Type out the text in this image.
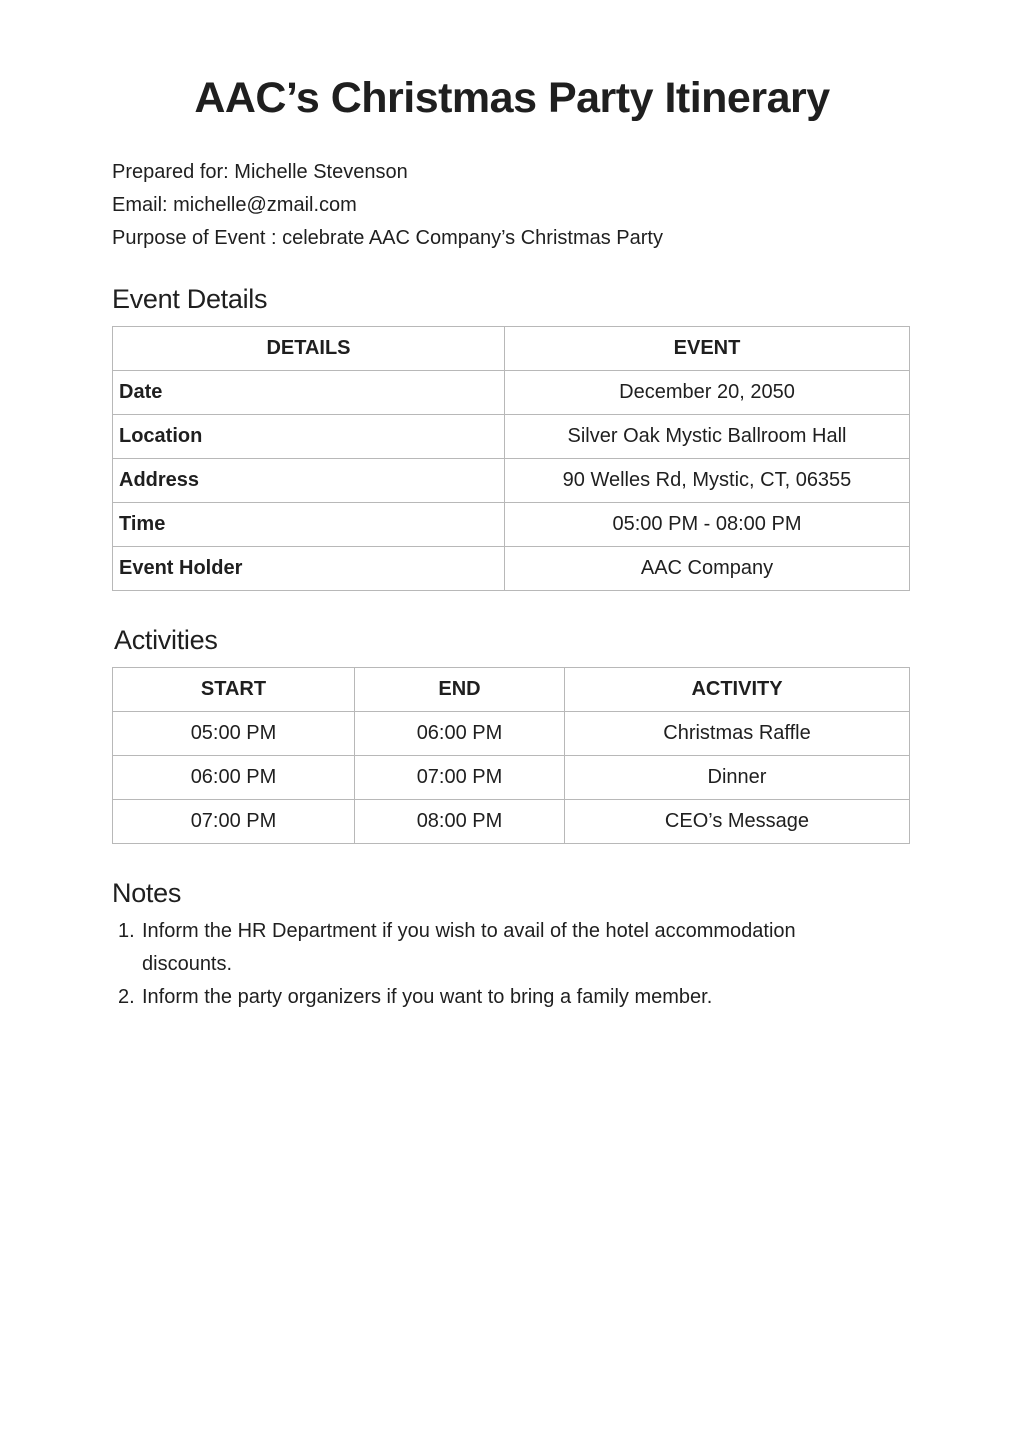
AAC’s Christmas Party Itinerary
Prepared for: Michelle Stevenson
Email: michelle@zmail.com
Purpose of Event : celebrate AAC Company’s Christmas Party
Event Details
DETAILS	EVENT
Date	December 20, 2050
Location	Silver Oak Mystic Ballroom Hall
Address	90 Welles Rd, Mystic, CT, 06355
Time	05:00 PM - 08:00 PM
Event Holder	AAC Company
Activities
START	END	ACTIVITY
05:00 PM	06:00 PM	Christmas Raffle
06:00 PM	07:00 PM	Dinner
07:00 PM	08:00 PM	CEO’s Message
Notes
1. Inform the HR Department if you wish to avail of the hotel accommodation discounts.
2. Inform the party organizers if you want to bring a family member.
